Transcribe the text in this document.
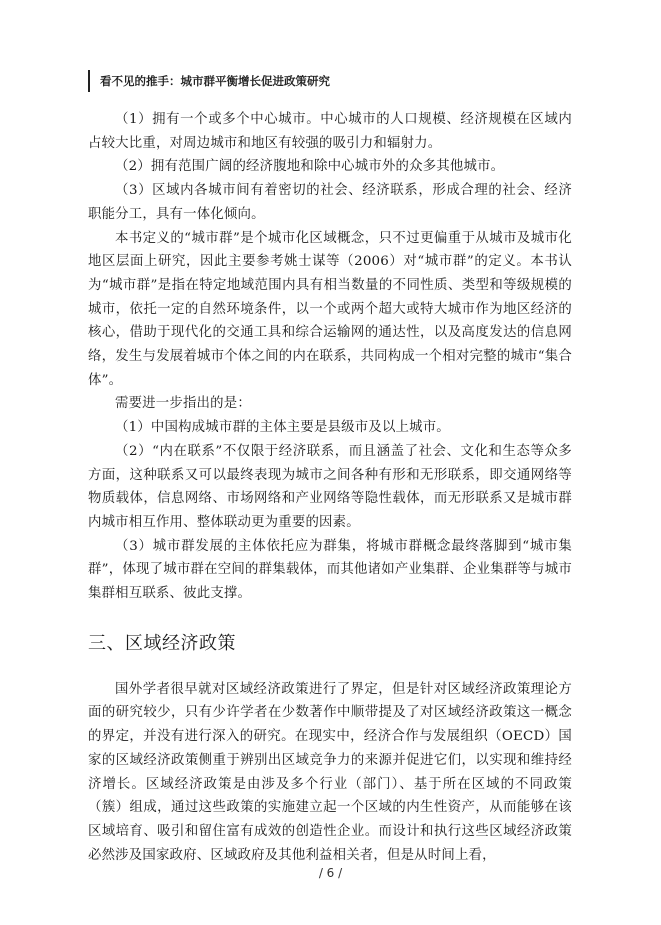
看不见的推手：城市群平衡增长促进政策研究

（1）拥有一个或多个中心城市。中心城市的人口规模、经济规模在区域内占较大比重，对周边城市和地区有较强的吸引力和辐射力。

（2）拥有范围广阔的经济腹地和除中心城市外的众多其他城市。

（3）区域内各城市间有着密切的社会、经济联系，形成合理的社会、经济职能分工，具有一体化倾向。

本书定义的“城市群”是个城市化区域概念，只不过更偏重于从城市及城市化地区层面上研究，因此主要参考姚士谋等（2006）对“城市群”的定义。本书认为“城市群”是指在特定地域范围内具有相当数量的不同性质、类型和等级规模的城市，依托一定的自然环境条件，以一个或两个超大或特大城市作为地区经济的核心，借助于现代化的交通工具和综合运输网的通达性，以及高度发达的信息网络，发生与发展着城市个体之间的内在联系，共同构成一个相对完整的城市“集合体”。

需要进一步指出的是：

（1）中国构成城市群的主体主要是县级市及以上城市。

（2）“内在联系”不仅限于经济联系，而且涵盖了社会、文化和生态等众多方面，这种联系又可以最终表现为城市之间各种有形和无形联系，即交通网络等物质载体，信息网络、市场网络和产业网络等隐性载体，而无形联系又是城市群内城市相互作用、整体联动更为重要的因素。

（3）城市群发展的主体依托应为群集，将城市群概念最终落脚到“城市集群”，体现了城市群在空间的群集载体，而其他诸如产业集群、企业集群等与城市集群相互联系、彼此支撑。

三、区域经济政策

国外学者很早就对区域经济政策进行了界定，但是针对区域经济政策理论方面的研究较少，只有少许学者在少数著作中顺带提及了对区域经济政策这一概念的界定，并没有进行深入的研究。在现实中，经济合作与发展组织（OECD）国家的区域经济政策侧重于辨别出区域竞争力的来源并促进它们，以实现和维持经济增长。区域经济政策是由涉及多个行业（部门）、基于所在区域的不同政策（簇）组成，通过这些政策的实施建立起一个区域的内生性资产，从而能够在该区域培育、吸引和留住富有成效的创造性企业。而设计和执行这些区域经济政策必然涉及国家政府、区域政府及其他利益相关者，但是从时间上看，

/ 6 /
